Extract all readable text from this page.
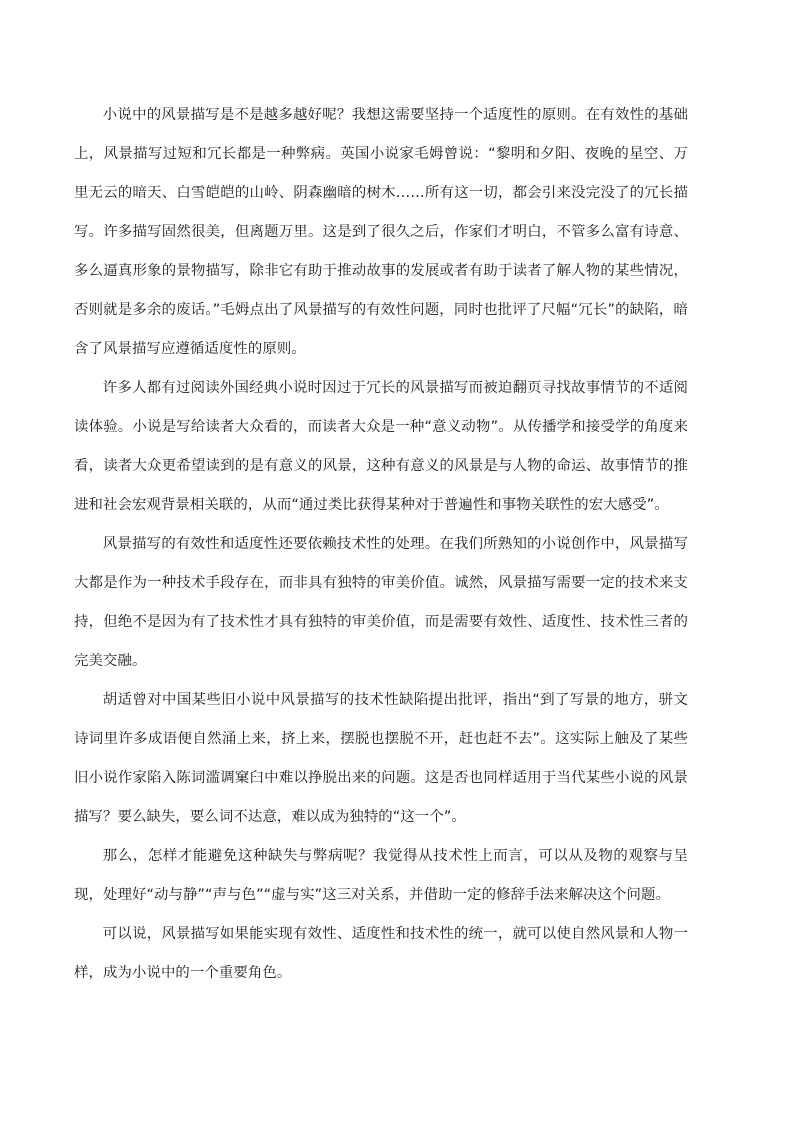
小说中的风景描写是不是越多越好呢？我想这需要坚持一个适度性的原则。在有效性的基础上，风景描写过短和冗长都是一种弊病。英国小说家毛姆曾说：“黎明和夕阳、夜晚的星空、万里无云的暗天、白雪皑皑的山岭、阴森幽暗的树木……所有这一切，都会引来没完没了的冗长描写。许多描写固然很美，但离题万里。这是到了很久之后，作家们才明白，不管多么富有诗意、多么逼真形象的景物描写，除非它有助于推动故事的发展或者有助于读者了解人物的某些情况，否则就是多余的废话。”毛姆点出了风景描写的有效性问题，同时也批评了尺幅“冗长”的缺陷，暗含了风景描写应遵循适度性的原则。

许多人都有过阅读外国经典小说时因过于冗长的风景描写而被迫翻页寻找故事情节的不适阅读体验。小说是写给读者大众看的，而读者大众是一种“意义动物”。从传播学和接受学的角度来看，读者大众更希望读到的是有意义的风景，这种有意义的风景是与人物的命运、故事情节的推进和社会宏观背景相关联的，从而“通过类比获得某种对于普遍性和事物关联性的宏大感受”。

风景描写的有效性和适度性还要依赖技术性的处理。在我们所熟知的小说创作中，风景描写大都是作为一种技术手段存在，而非具有独特的审美价值。诚然，风景描写需要一定的技术来支持，但绝不是因为有了技术性才具有独特的审美价值，而是需要有效性、适度性、技术性三者的完美交融。

胡适曾对中国某些旧小说中风景描写的技术性缺陷提出批评，指出“到了写景的地方，骈文诗词里许多成语便自然涌上来，挤上来，摆脱也摆脱不开，赶也赶不去”。这实际上触及了某些旧小说作家陷入陈词滥调窠臼中难以挣脱出来的问题。这是否也同样适用于当代某些小说的风景描写？要么缺失，要么词不达意，难以成为独特的“这一个”。

那么，怎样才能避免这种缺失与弊病呢？我觉得从技术性上而言，可以从及物的观察与呈现，处理好“动与静”“声与色”“虚与实”这三对关系，并借助一定的修辞手法来解决这个问题。

可以说，风景描写如果能实现有效性、适度性和技术性的统一，就可以使自然风景和人物一样，成为小说中的一个重要角色。
